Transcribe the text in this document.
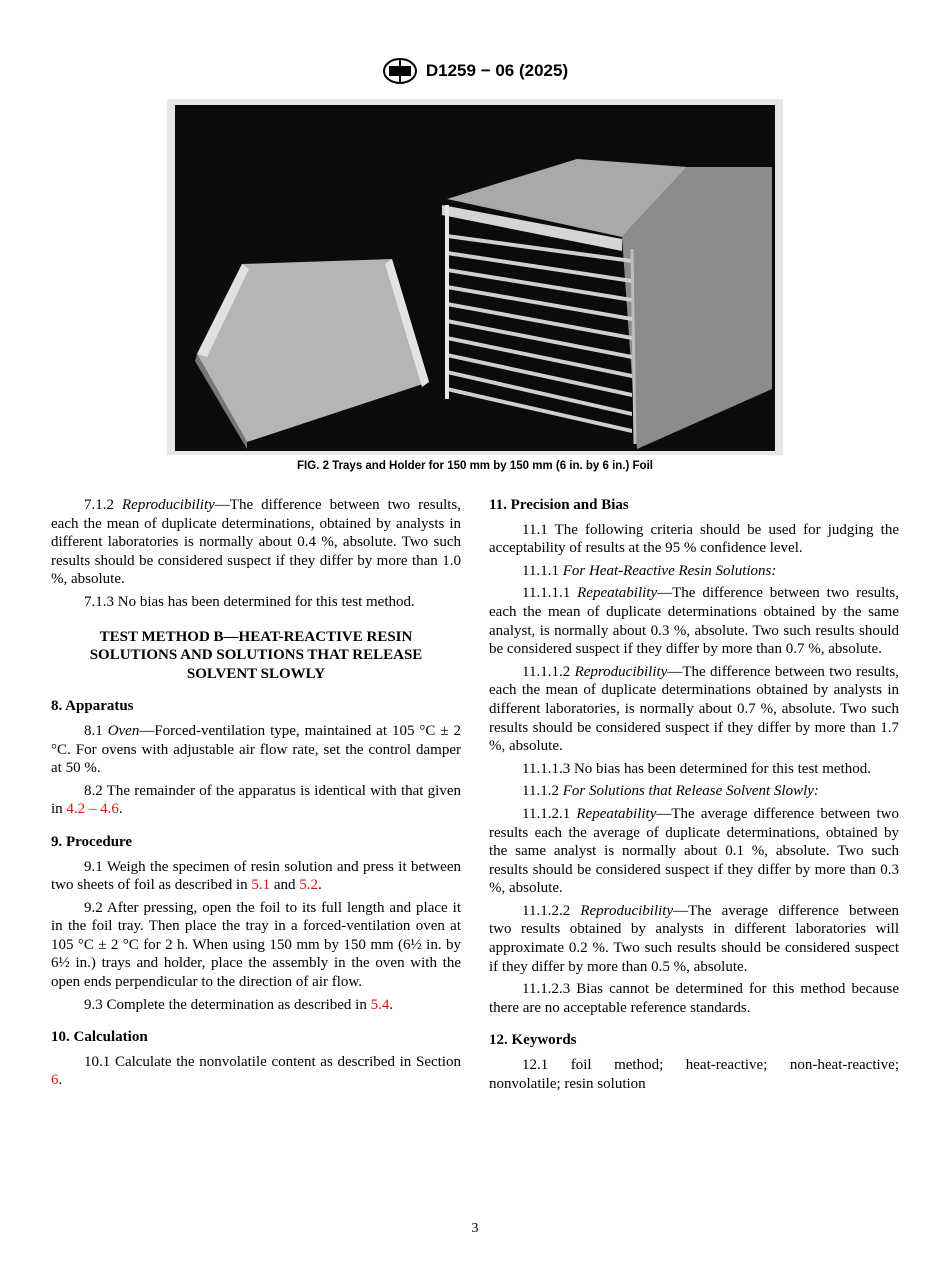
D1259 − 06 (2025)
FIG. 2 Trays and Holder for 150 mm by 150 mm (6 in. by 6 in.) Foil

7.1.2 Reproducibility—The difference between two results, each the mean of duplicate determinations, obtained by analysts in different laboratories is normally about 0.4 %, absolute. Two such results should be considered suspect if they differ by more than 1.0 %, absolute.

7.1.3 No bias has been determined for this test method.

TEST METHOD B—HEAT-REACTIVE RESIN
SOLUTIONS AND SOLUTIONS THAT RELEASE
SOLVENT SLOWLY
8. Apparatus

8.1 Oven—Forced-ventilation type, maintained at 105 °C ± 2 °C. For ovens with adjustable air flow rate, set the control damper at 50 %.

8.2 The remainder of the apparatus is identical with that given in 4.2 – 4.6.

9. Procedure

9.1 Weigh the specimen of resin solution and press it between two sheets of foil as described in 5.1 and 5.2.

9.2 After pressing, open the foil to its full length and place it in the foil tray. Then place the tray in a forced-ventilation oven at 105 °C ± 2 °C for 2 h. When using 150 mm by 150 mm (6½ in. by 6½ in.) trays and holder, place the assembly in the oven with the open ends perpendicular to the direction of air flow.

9.3 Complete the determination as described in 5.4.

10. Calculation

10.1 Calculate the nonvolatile content as described in Section 6.

11. Precision and Bias

11.1 The following criteria should be used for judging the acceptability of results at the 95 % confidence level.

11.1.1 For Heat-Reactive Resin Solutions:

11.1.1.1 Repeatability—The difference between two results, each the mean of duplicate determinations obtained by the same analyst, is normally about 0.3 %, absolute. Two such results should be considered suspect if they differ by more than 0.7 %, absolute.

11.1.1.2 Reproducibility—The difference between two results, each the mean of duplicate determinations obtained by analysts in different laboratories, is normally about 0.7 %, absolute. Two such results should be considered suspect if they differ by more than 1.7 %, absolute.

11.1.1.3 No bias has been determined for this test method.

11.1.2 For Solutions that Release Solvent Slowly:

11.1.2.1 Repeatability—The average difference between two results each the average of duplicate determinations, obtained by the same analyst is normally about 0.1 %, absolute. Two such results should be considered suspect if they differ by more than 0.3 %, absolute.

11.1.2.2 Reproducibility—The average difference between two results obtained by analysts in different laboratories will approximate 0.2 %. Two such results should be considered suspect if they differ by more than 0.5 %, absolute.

11.1.2.3 Bias cannot be determined for this method because there are no acceptable reference standards.

12. Keywords

12.1 foil method; heat-reactive; non-heat-reactive; nonvolatile; resin solution

3
